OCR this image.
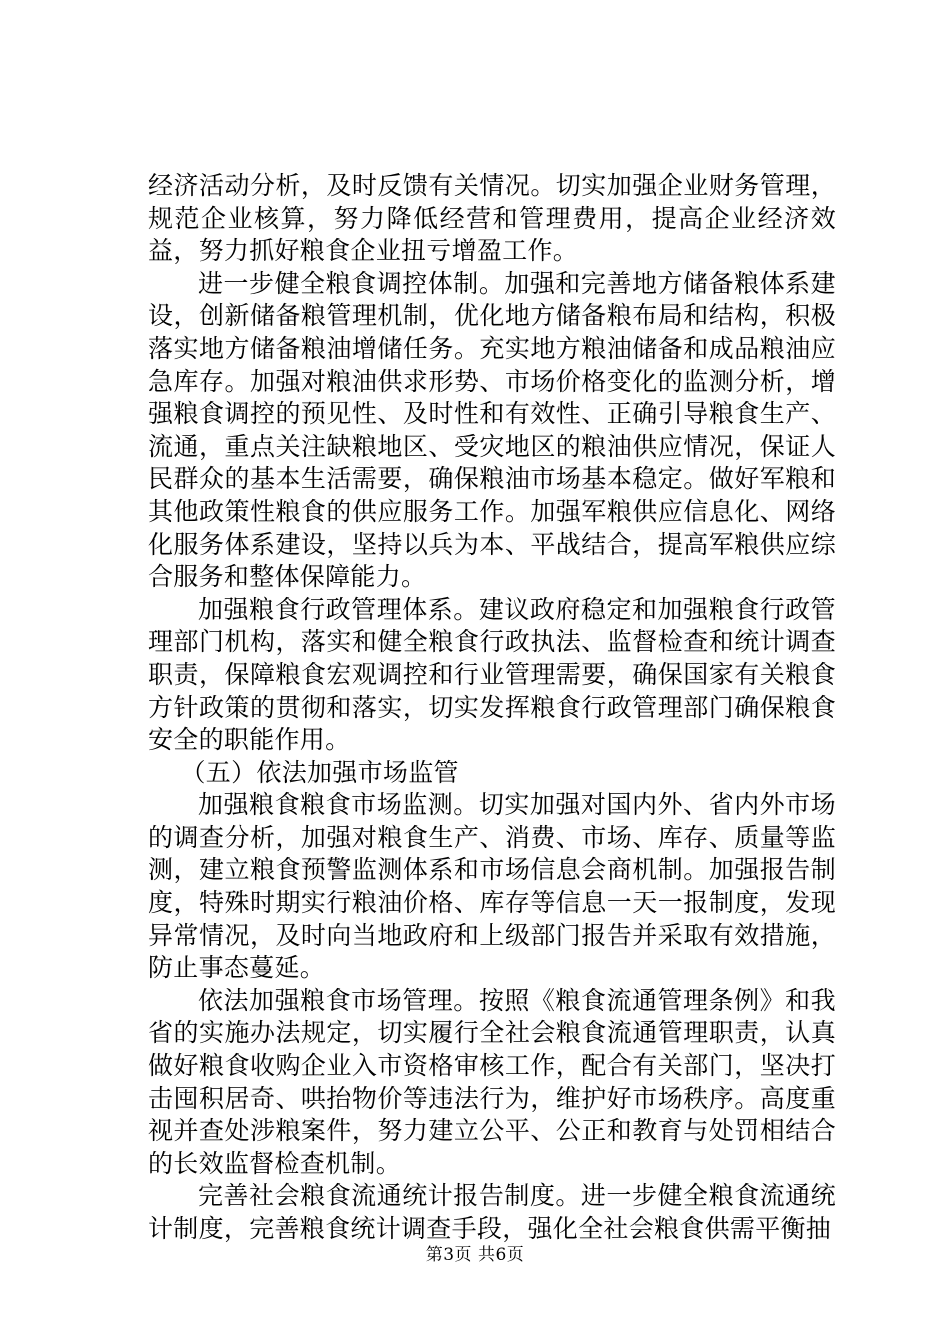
经济活动分析，及时反馈有关情况。切实加强企业财务管理，规范企业核算，努力降低经营和管理费用，提高企业经济效益，努力抓好粮食企业扭亏增盈工作。

进一步健全粮食调控体制。加强和完善地方储备粮体系建设，创新储备粮管理机制，优化地方储备粮布局和结构，积极落实地方储备粮油增储任务。充实地方粮油储备和成品粮油应急库存。加强对粮油供求形势、市场价格变化的监测分析，增强粮食调控的预见性、及时性和有效性、正确引导粮食生产、流通，重点关注缺粮地区、受灾地区的粮油供应情况，保证人民群众的基本生活需要，确保粮油市场基本稳定。做好军粮和其他政策性粮食的供应服务工作。加强军粮供应信息化、网络化服务体系建设，坚持以兵为本、平战结合，提高军粮供应综合服务和整体保障能力。

加强粮食行政管理体系。建议政府稳定和加强粮食行政管理部门机构，落实和健全粮食行政执法、监督检查和统计调查职责，保障粮食宏观调控和行业管理需要，确保国家有关粮食方针政策的贯彻和落实，切实发挥粮食行政管理部门确保粮食安全的职能作用。

（五）依法加强市场监管

加强粮食粮食市场监测。切实加强对国内外、省内外市场的调查分析，加强对粮食生产、消费、市场、库存、质量等监测，建立粮食预警监测体系和市场信息会商机制。加强报告制度，特殊时期实行粮油价格、库存等信息一天一报制度，发现异常情况，及时向当地政府和上级部门报告并采取有效措施，防止事态蔓延。

依法加强粮食市场管理。按照《粮食流通管理条例》和我省的实施办法规定，切实履行全社会粮食流通管理职责，认真做好粮食收购企业入市资格审核工作，配合有关部门，坚决打击囤积居奇、哄抬物价等违法行为，维护好市场秩序。高度重视并查处涉粮案件，努力建立公平、公正和教育与处罚相结合的长效监督检查机制。

完善社会粮食流通统计报告制度。进一步健全粮食流通统计制度，完善粮食统计调查手段，强化全社会粮食供需平衡抽

第3页 共6页
